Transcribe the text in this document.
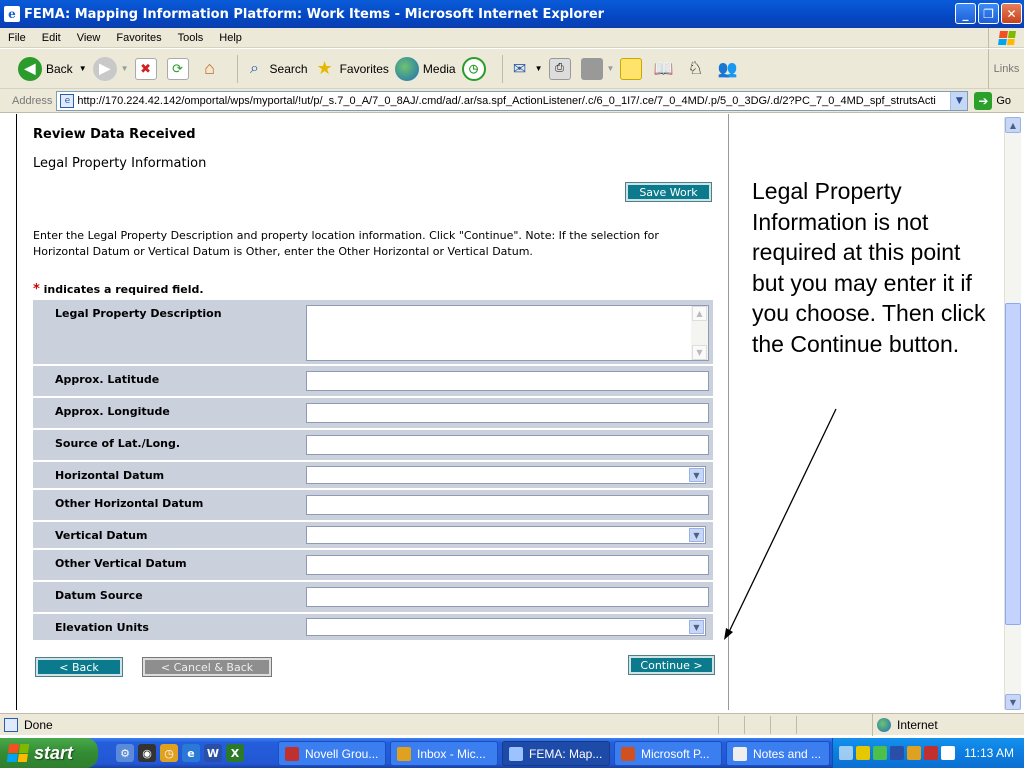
e FEMA: Mapping Information Platform: Work Items - Microsoft Internet Explorer	_	❐	✕
File	Edit	View	Favorites	Tools	Help
◀ Back ▼ ▶	▼ ✖	⟳	⌂	⌕ Search ★ Favorites	Media	◷	✉	▼	⎙	▼ 📖 ♘ 👥	Links
Address	e http://170.224.42.142/omportal/wps/myportal/!ut/p/_s.7_0_A/7_0_8AJ/.cmd/ad/.ar/sa.spf_ActionListener/.c/6_0_1I7/.ce/7_0_4MD/.p/5_0_3DG/.d/2?PC_7_0_4MD_spf_strutsActi	▼	➔ Go
Review Data Received
Legal Property Information
Save Work
Enter the Legal Property Description and property location information. Click "Continue". Note: If the selection for Horizontal Datum or Vertical Datum is Other, enter the Other Horizontal or Vertical Datum.
* indicates a required field.
Legal Property Description	▲
▼
Approx. Latitude
Approx. Longitude
Source of Lat./Long.
Horizontal Datum	▼
Other Horizontal Datum
Vertical Datum	▼
Other Vertical Datum
Datum Source
Elevation Units	▼
< Back	< Cancel & Back	Continue >
Legal Property Information is not required at this point but you may enter it if you choose. Then click the Continue button.
▲
▼
Done	Internet
start	⚙	◉	◷	e	W	X	Novell Grou...	Inbox - Mic...	FEMA: Map...	Microsoft P...	Notes and ...	11:13 AM
